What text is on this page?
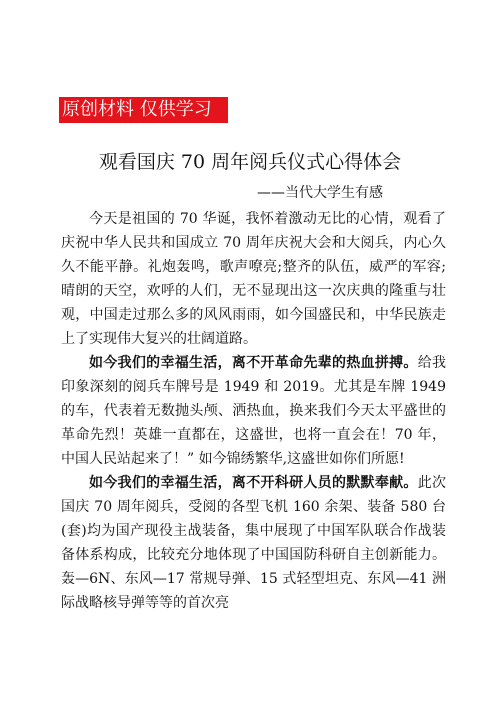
原创材料 仅供学习
观看国庆 70 周年阅兵仪式心得体会
——当代大学生有感

今天是祖国的 70 华诞，我怀着激动无比的心情，观看了庆祝中华人民共和国成立 70 周年庆祝大会和大阅兵，内心久久不能平静。礼炮轰鸣，歌声嘹亮;整齐的队伍，威严的军容;晴朗的天空，欢呼的人们，无不显现出这一次庆典的隆重与壮观，中国走过那么多的风风雨雨，如今国盛民和，中华民族走上了实现伟大复兴的壮阔道路。

如今我们的幸福生活，离不开革命先辈的热血拼搏。给我印象深刻的阅兵车牌号是 1949 和 2019。尤其是车牌 1949 的车，代表着无数抛头颅、洒热血，换来我们今天太平盛世的革命先烈！英雄一直都在，这盛世，也将一直会在！70 年，中国人民站起来了！” 如今锦绣繁华,这盛世如你们所愿!

如今我们的幸福生活，离不开科研人员的默默奉献。此次国庆 70 周年阅兵，受阅的各型飞机 160 余架、装备 580 台(套)均为国产现役主战装备，集中展现了中国军队联合作战装备体系构成，比较充分地体现了中国国防科研自主创新能力。轰—6N、东风—17 常规导弹、15 式轻型坦克、东风—41 洲际战略核导弹等等的首次亮
